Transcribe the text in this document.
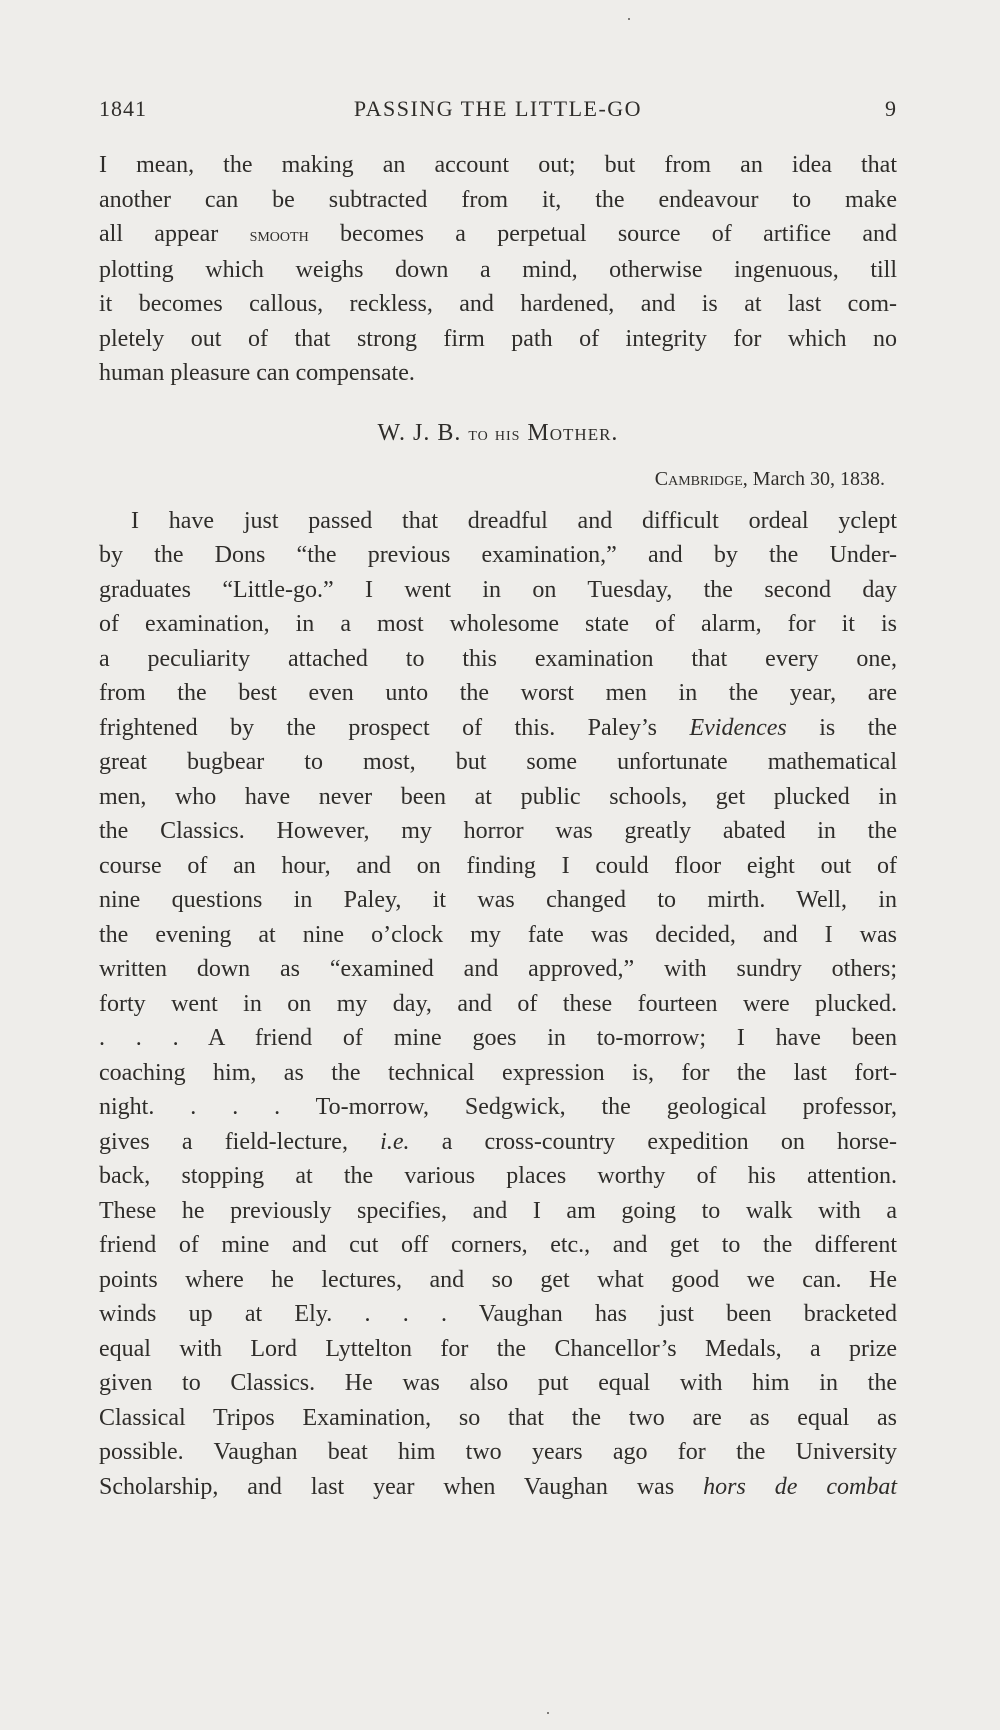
1841	PASSING THE LITTLE-GO	9
I mean, the making an account out; but from an idea that
another can be subtracted from it, the endeavour to make
all appear smooth becomes a perpetual source of artifice and
plotting which weighs down a mind, otherwise ingenuous, till
it becomes callous, reckless, and hardened, and is at last com-
pletely out of that strong firm path of integrity for which no
human pleasure can compensate.
W. J. B. to his Mother.
Cambridge, March 30, 1838.
I have just passed that dreadful and difficult ordeal yclept
by the Dons “the previous examination,” and by the Under-
graduates “Little-go.” I went in on Tuesday, the second day
of examination, in a most wholesome state of alarm, for it is
a peculiarity attached to this examination that every one,
from the best even unto the worst men in the year, are
frightened by the prospect of this. Paley’s Evidences is the
great bugbear to most, but some unfortunate mathematical
men, who have never been at public schools, get plucked in
the Classics. However, my horror was greatly abated in the
course of an hour, and on finding I could floor eight out of
nine questions in Paley, it was changed to mirth. Well, in
the evening at nine o’clock my fate was decided, and I was
written down as “examined and approved,” with sundry others;
forty went in on my day, and of these fourteen were plucked.
. . . A friend of mine goes in to-morrow; I have been
coaching him, as the technical expression is, for the last fort-
night. . . . To-morrow, Sedgwick, the geological professor,
gives a field-lecture, i.e. a cross-country expedition on horse-
back, stopping at the various places worthy of his attention.
These he previously specifies, and I am going to walk with a
friend of mine and cut off corners, etc., and get to the different
points where he lectures, and so get what good we can. He
winds up at Ely. . . . Vaughan has just been bracketed
equal with Lord Lyttelton for the Chancellor’s Medals, a prize
given to Classics. He was also put equal with him in the
Classical Tripos Examination, so that the two are as equal as
possible. Vaughan beat him two years ago for the University
Scholarship, and last year when Vaughan was hors de combat
